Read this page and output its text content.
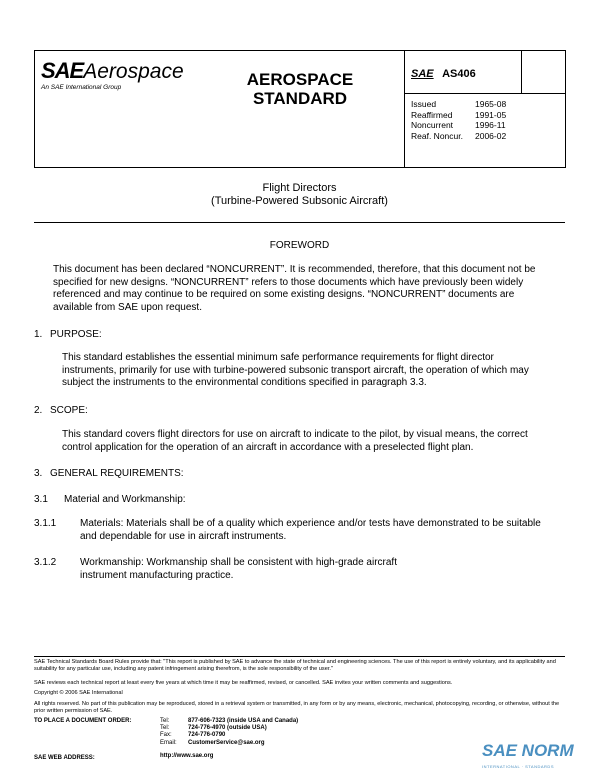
SAEAerospace
An SAE International Group	AEROSPACE
STANDARD
SAE AS406
Issued	1965-08
Reaffirmed	1991-05
Noncurrent	1996-11
Reaf. Noncur.	2006-02
Flight Directors
(Turbine-Powered Subsonic Aircraft)
FOREWORD
This document has been declared “NONCURRENT”. It is recommended, therefore, that this document not be specified for new designs. “NONCURRENT” refers to those documents which have previously been widely referenced and may continue to be required on some existing designs. “NONCURRENT” documents are available from SAE upon request.
1. PURPOSE:
This standard establishes the essential minimum safe performance requirements for flight director instruments, primarily for use with turbine-powered subsonic transport aircraft, the operation of which may subject the instruments to the environmental conditions specified in paragraph 3.3.
2. SCOPE:
This standard covers flight directors for use on aircraft to indicate to the pilot, by visual means, the correct control application for the operation of an aircraft in accordance with a preselected flight plan.
3. GENERAL REQUIREMENTS:
3.1 Material and Workmanship:
3.1.1 Materials: Materials shall be of a quality which experience and/or tests have demonstrated to be suitable and dependable for use in aircraft instruments.
3.1.2 Workmanship: Workmanship shall be consistent with high-grade aircraft instrument manufacturing practice.
SAE Technical Standards Board Rules provide that: "This report is published by SAE to advance the state of technical and engineering sciences. The use of this report is entirely voluntary, and its applicability and suitability for any particular use, including any patent infringement arising therefrom, is the sole responsibility of the user."
SAE reviews each technical report at least every five years at which time it may be reaffirmed, revised, or cancelled. SAE invites your written comments and suggestions.
Copyright © 2006 SAE International
All rights reserved. No part of this publication may be reproduced, stored in a retrieval system or transmitted, in any form or by any means, electronic, mechanical, photocopying, recording, or otherwise, without the prior written permission of SAE.
TO PLACE A DOCUMENT ORDER:	Tel:	877-606-7323 (inside USA and Canada)
Tel:	724-776-4970 (outside USA)
Fax:	724-776-0790
Email:	CustomerService@sae.org
SAE WEB ADDRESS:	http://www.sae.org	SAE NORM
INTERNATIONAL · STANDARDS
